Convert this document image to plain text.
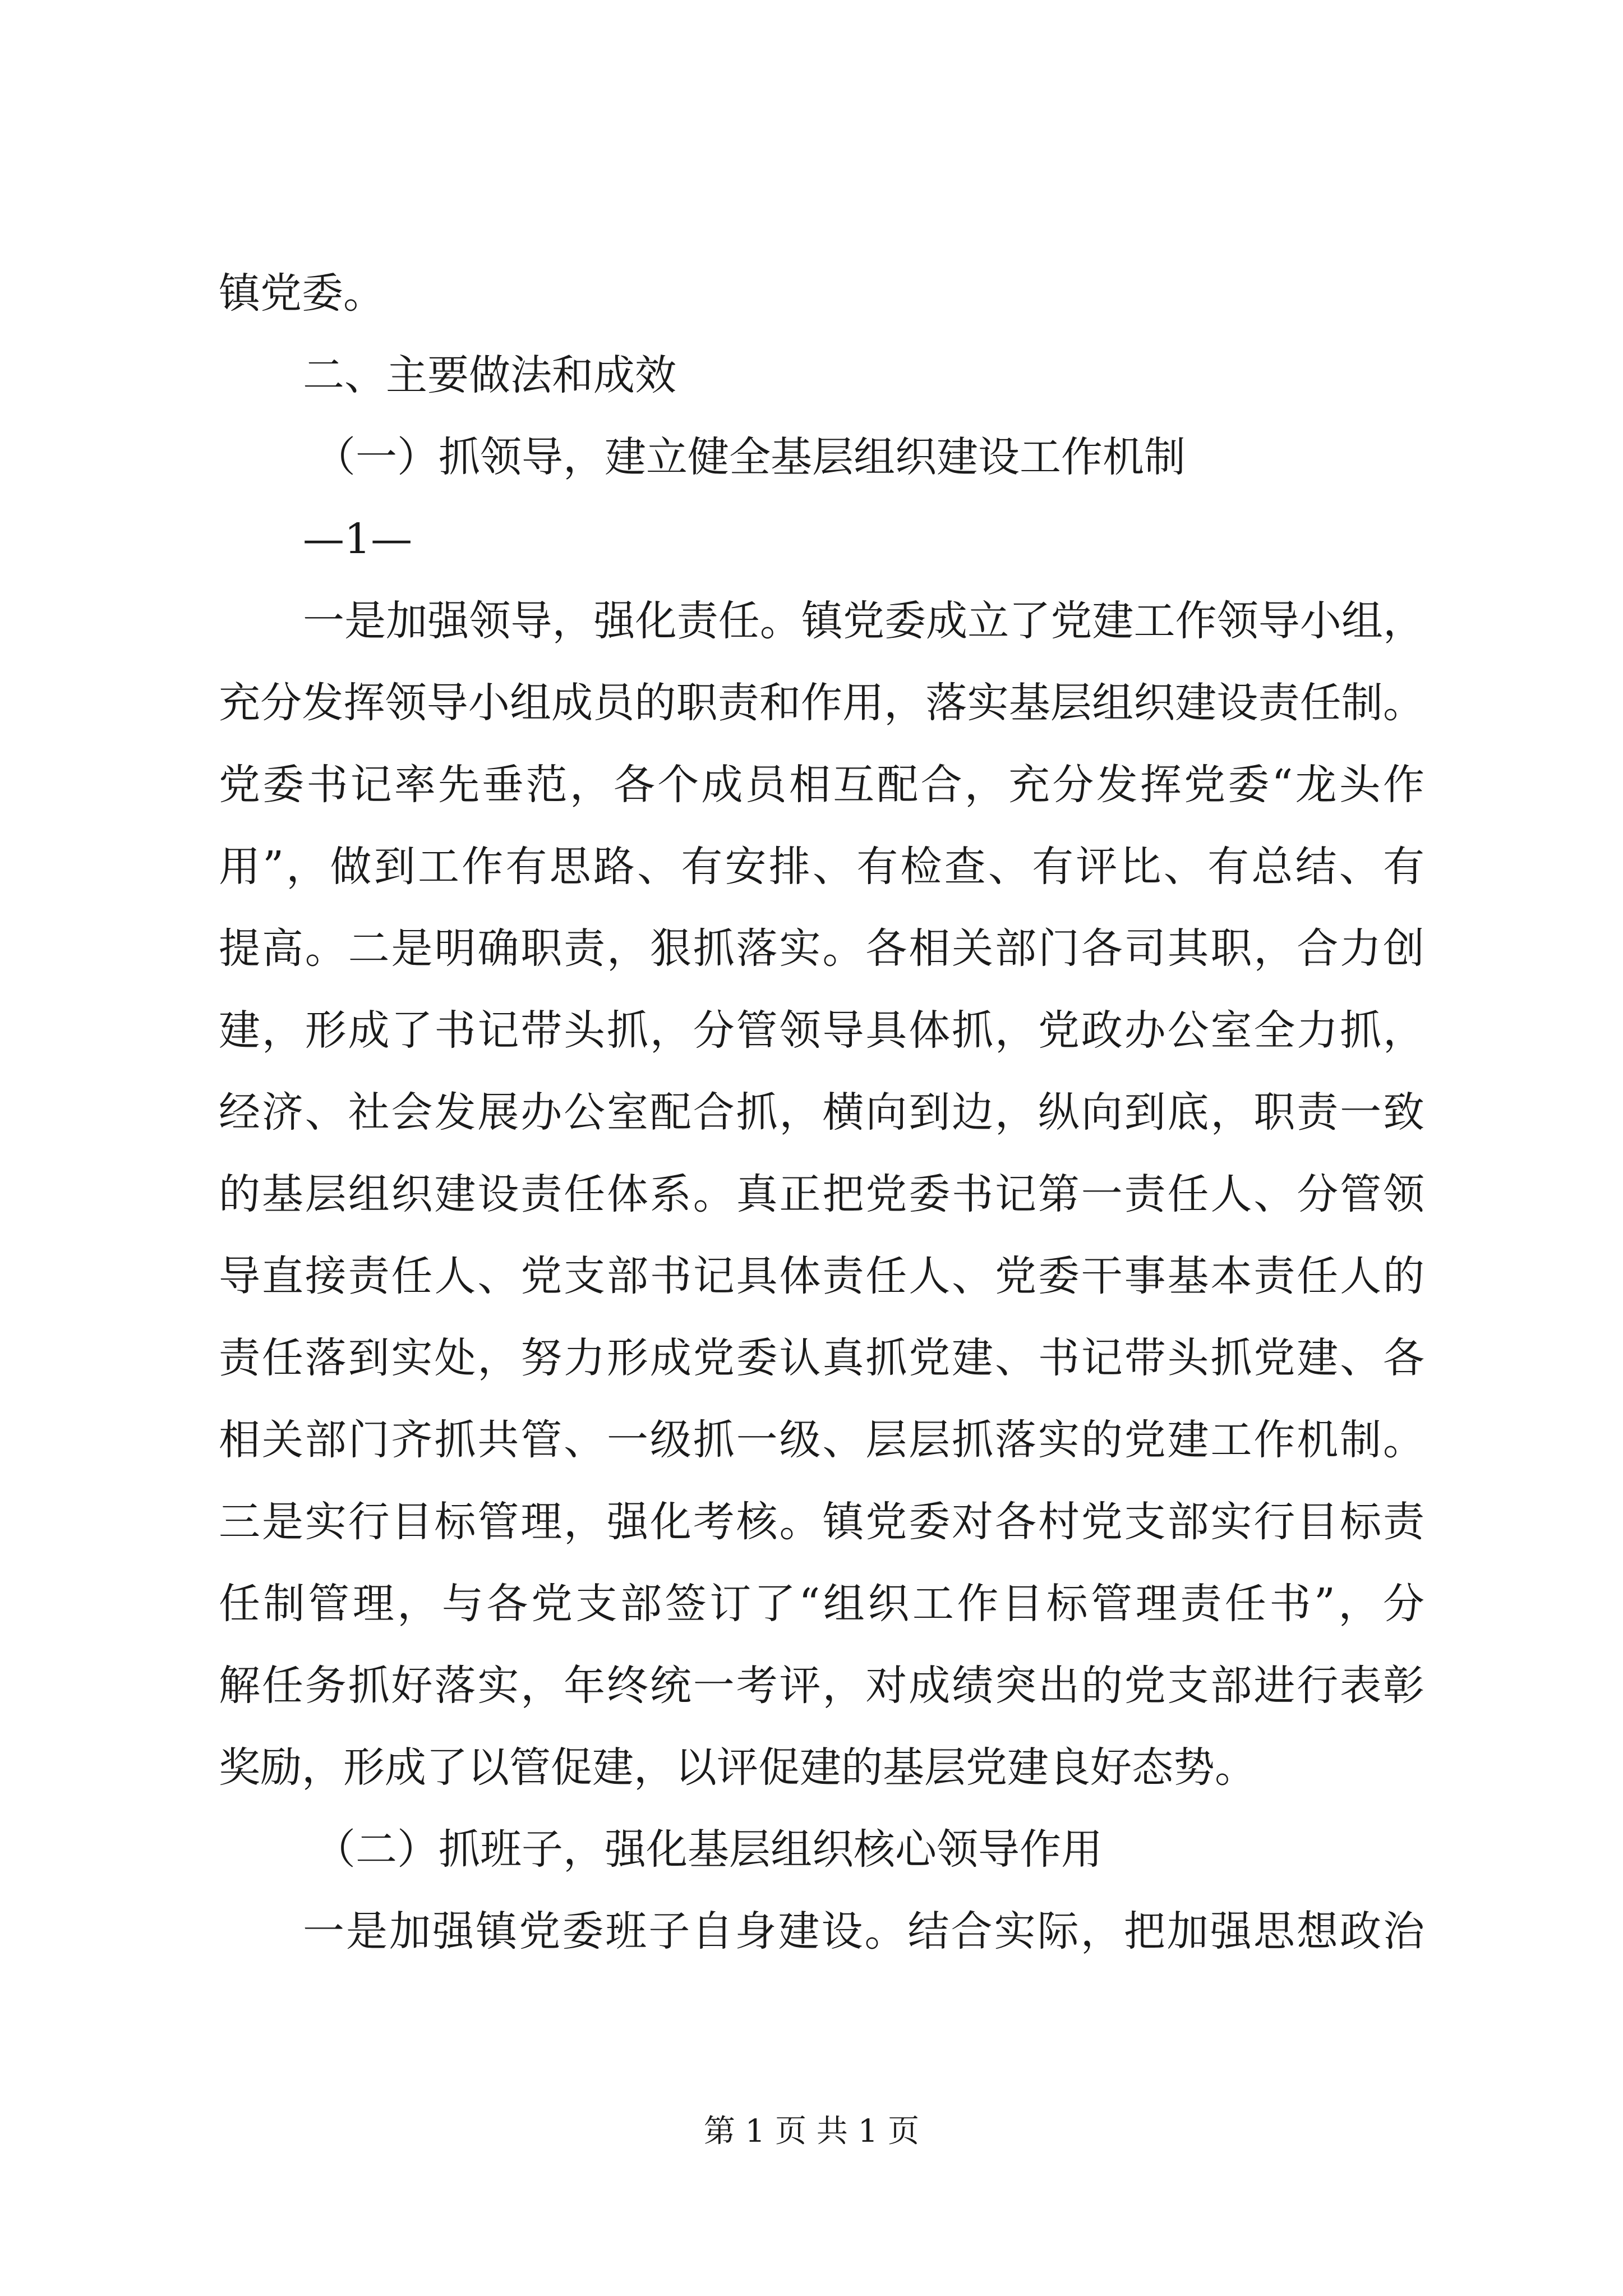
镇党委。
二、主要做法和成效
（一）抓领导，建立健全基层组织建设工作机制
—1—
一是加强领导，强化责任。镇党委成立了党建工作领导小组，
充分发挥领导小组成员的职责和作用，落实基层组织建设责任制。
党委书记率先垂范，各个成员相互配合，充分发挥党委“龙头作
用”，做到工作有思路、有安排、有检查、有评比、有总结、有
提高。二是明确职责，狠抓落实。各相关部门各司其职，合力创
建，形成了书记带头抓，分管领导具体抓，党政办公室全力抓，
经济、社会发展办公室配合抓，横向到边，纵向到底，职责一致
的基层组织建设责任体系。真正把党委书记第一责任人、分管领
导直接责任人、党支部书记具体责任人、党委干事基本责任人的
责任落到实处，努力形成党委认真抓党建、书记带头抓党建、各
相关部门齐抓共管、一级抓一级、层层抓落实的党建工作机制。
三是实行目标管理，强化考核。镇党委对各村党支部实行目标责
任制管理，与各党支部签订了“组织工作目标管理责任书”，分
解任务抓好落实，年终统一考评，对成绩突出的党支部进行表彰
奖励，形成了以管促建，以评促建的基层党建良好态势。
（二）抓班子，强化基层组织核心领导作用
一是加强镇党委班子自身建设。结合实际，把加强思想政治
第 1 页 共 1 页
